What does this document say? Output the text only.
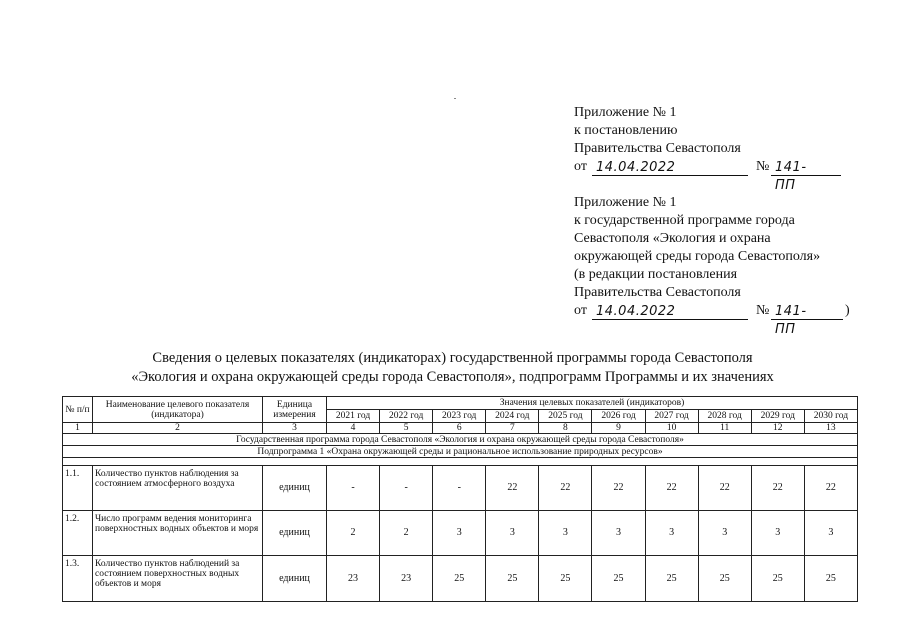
Приложение № 1
к постановлению
Правительства Севастополя
от 14.04.2022	№ 141-ПП
Приложение № 1
к государственной программе города
Севастополя «Экология и охрана
окружающей среды города Севастополя»
(в редакции постановления
Правительства Севастополя
от 14.04.2022	№ 141-ПП
)
Сведения о целевых показателях (индикаторах) государственной программы города Севастополя
«Экология и охрана окружающей среды города Севастополя», подпрограмм Программы и их значениях
№ п/п	Наименование целевого показателя (индикатора)	Единица измерения	Значения целевых показателей (индикаторов)									
			2021 год	2022 год	2023 год	2024 год	2025 год	2026 год	2027 год	2028 год	2029 год	2030 год
1	2	3	4	5	6	7	8	9	10	11	12	13
Государственная программа города Севастополя «Экология и охрана окружающей среды города Севастополя»												
Подпрограмма 1 «Охрана окружающей среды и рациональное использование природных ресурсов»												

1.1.	Количество пунктов наблюдения за состоянием атмосферного воздуха	единиц	-	-	-	22	22	22	22	22	22	22
1.2.	Число программ ведения мониторинга поверхностных водных объектов и моря	единиц	2	2	3	3	3	3	3	3	3	3
1.3.	Количество пунктов наблюдений за состоянием поверхностных водных объектов и моря	единиц	23	23	25	25	25	25	25	25	25	25
